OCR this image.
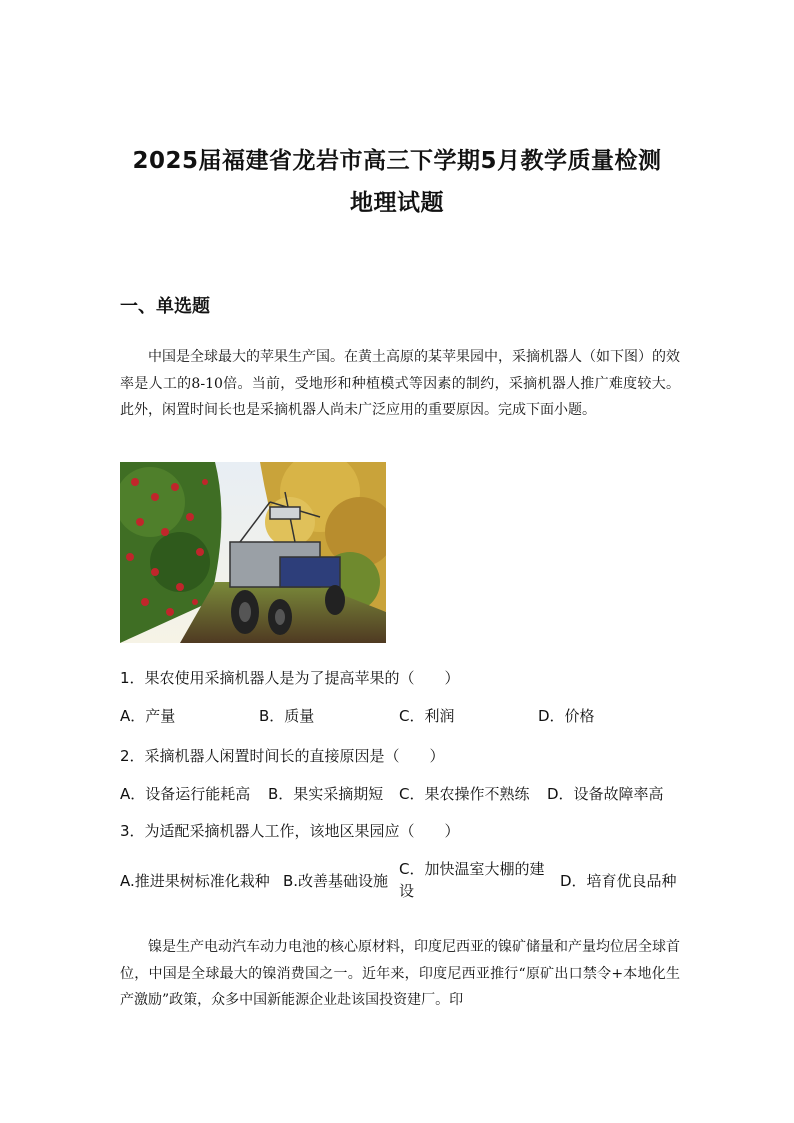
2025届福建省龙岩市高三下学期5月教学质量检测
地理试题
一、单选题
中国是全球最大的苹果生产国。在黄土高原的某苹果园中，采摘机器人（如下图）的效率是人工的8-10倍。当前，受地形和种植模式等因素的制约，采摘机器人推广难度较大。此外，闲置时间长也是采摘机器人尚未广泛应用的重要原因。完成下面小题。
1．果农使用采摘机器人是为了提高苹果的（　　）
A．产量	B．质量	C．利润	D．价格
2．采摘机器人闲置时间长的直接原因是（　　）
A．设备运行能耗高 B．果实采摘期短 C．果农操作不熟练 D．设备故障率高
3．为适配采摘机器人工作，该地区果园应（　　）
A.推进果树标准化栽种 B.改善基础设施
C．加快温室大棚的建设
D．培育优良品种
镍是生产电动汽车动力电池的核心原材料，印度尼西亚的镍矿储量和产量均位居全球首位，中国是全球最大的镍消费国之一。近年来，印度尼西亚推行“原矿出口禁令+本地化生产激励”政策，众多中国新能源企业赴该国投资建厂。印
